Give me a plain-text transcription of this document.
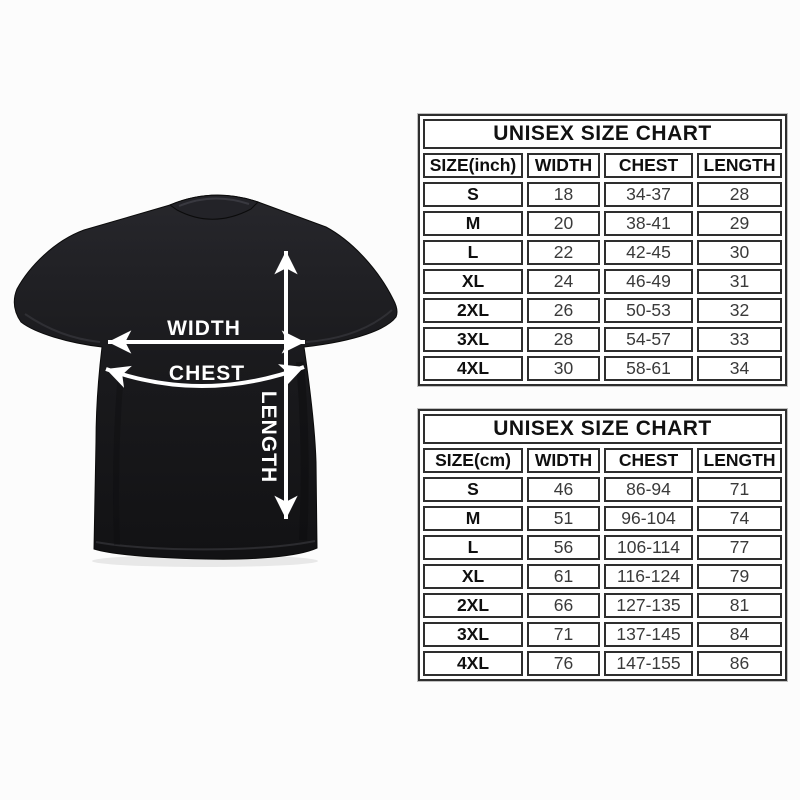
WIDTH
CHEST
LENGTH
UNISEX SIZE CHART
SIZE(inch)	WIDTH	CHEST	LENGTH
S	18	34-37	28
M	20	38-41	29
L	22	42-45	30
XL	24	46-49	31
2XL	26	50-53	32
3XL	28	54-57	33
4XL	30	58-61	34
UNISEX SIZE CHART
SIZE(cm)	WIDTH	CHEST	LENGTH
S	46	86-94	71
M	51	96-104	74
L	56	106-114	77
XL	61	116-124	79
2XL	66	127-135	81
3XL	71	137-145	84
4XL	76	147-155	86
